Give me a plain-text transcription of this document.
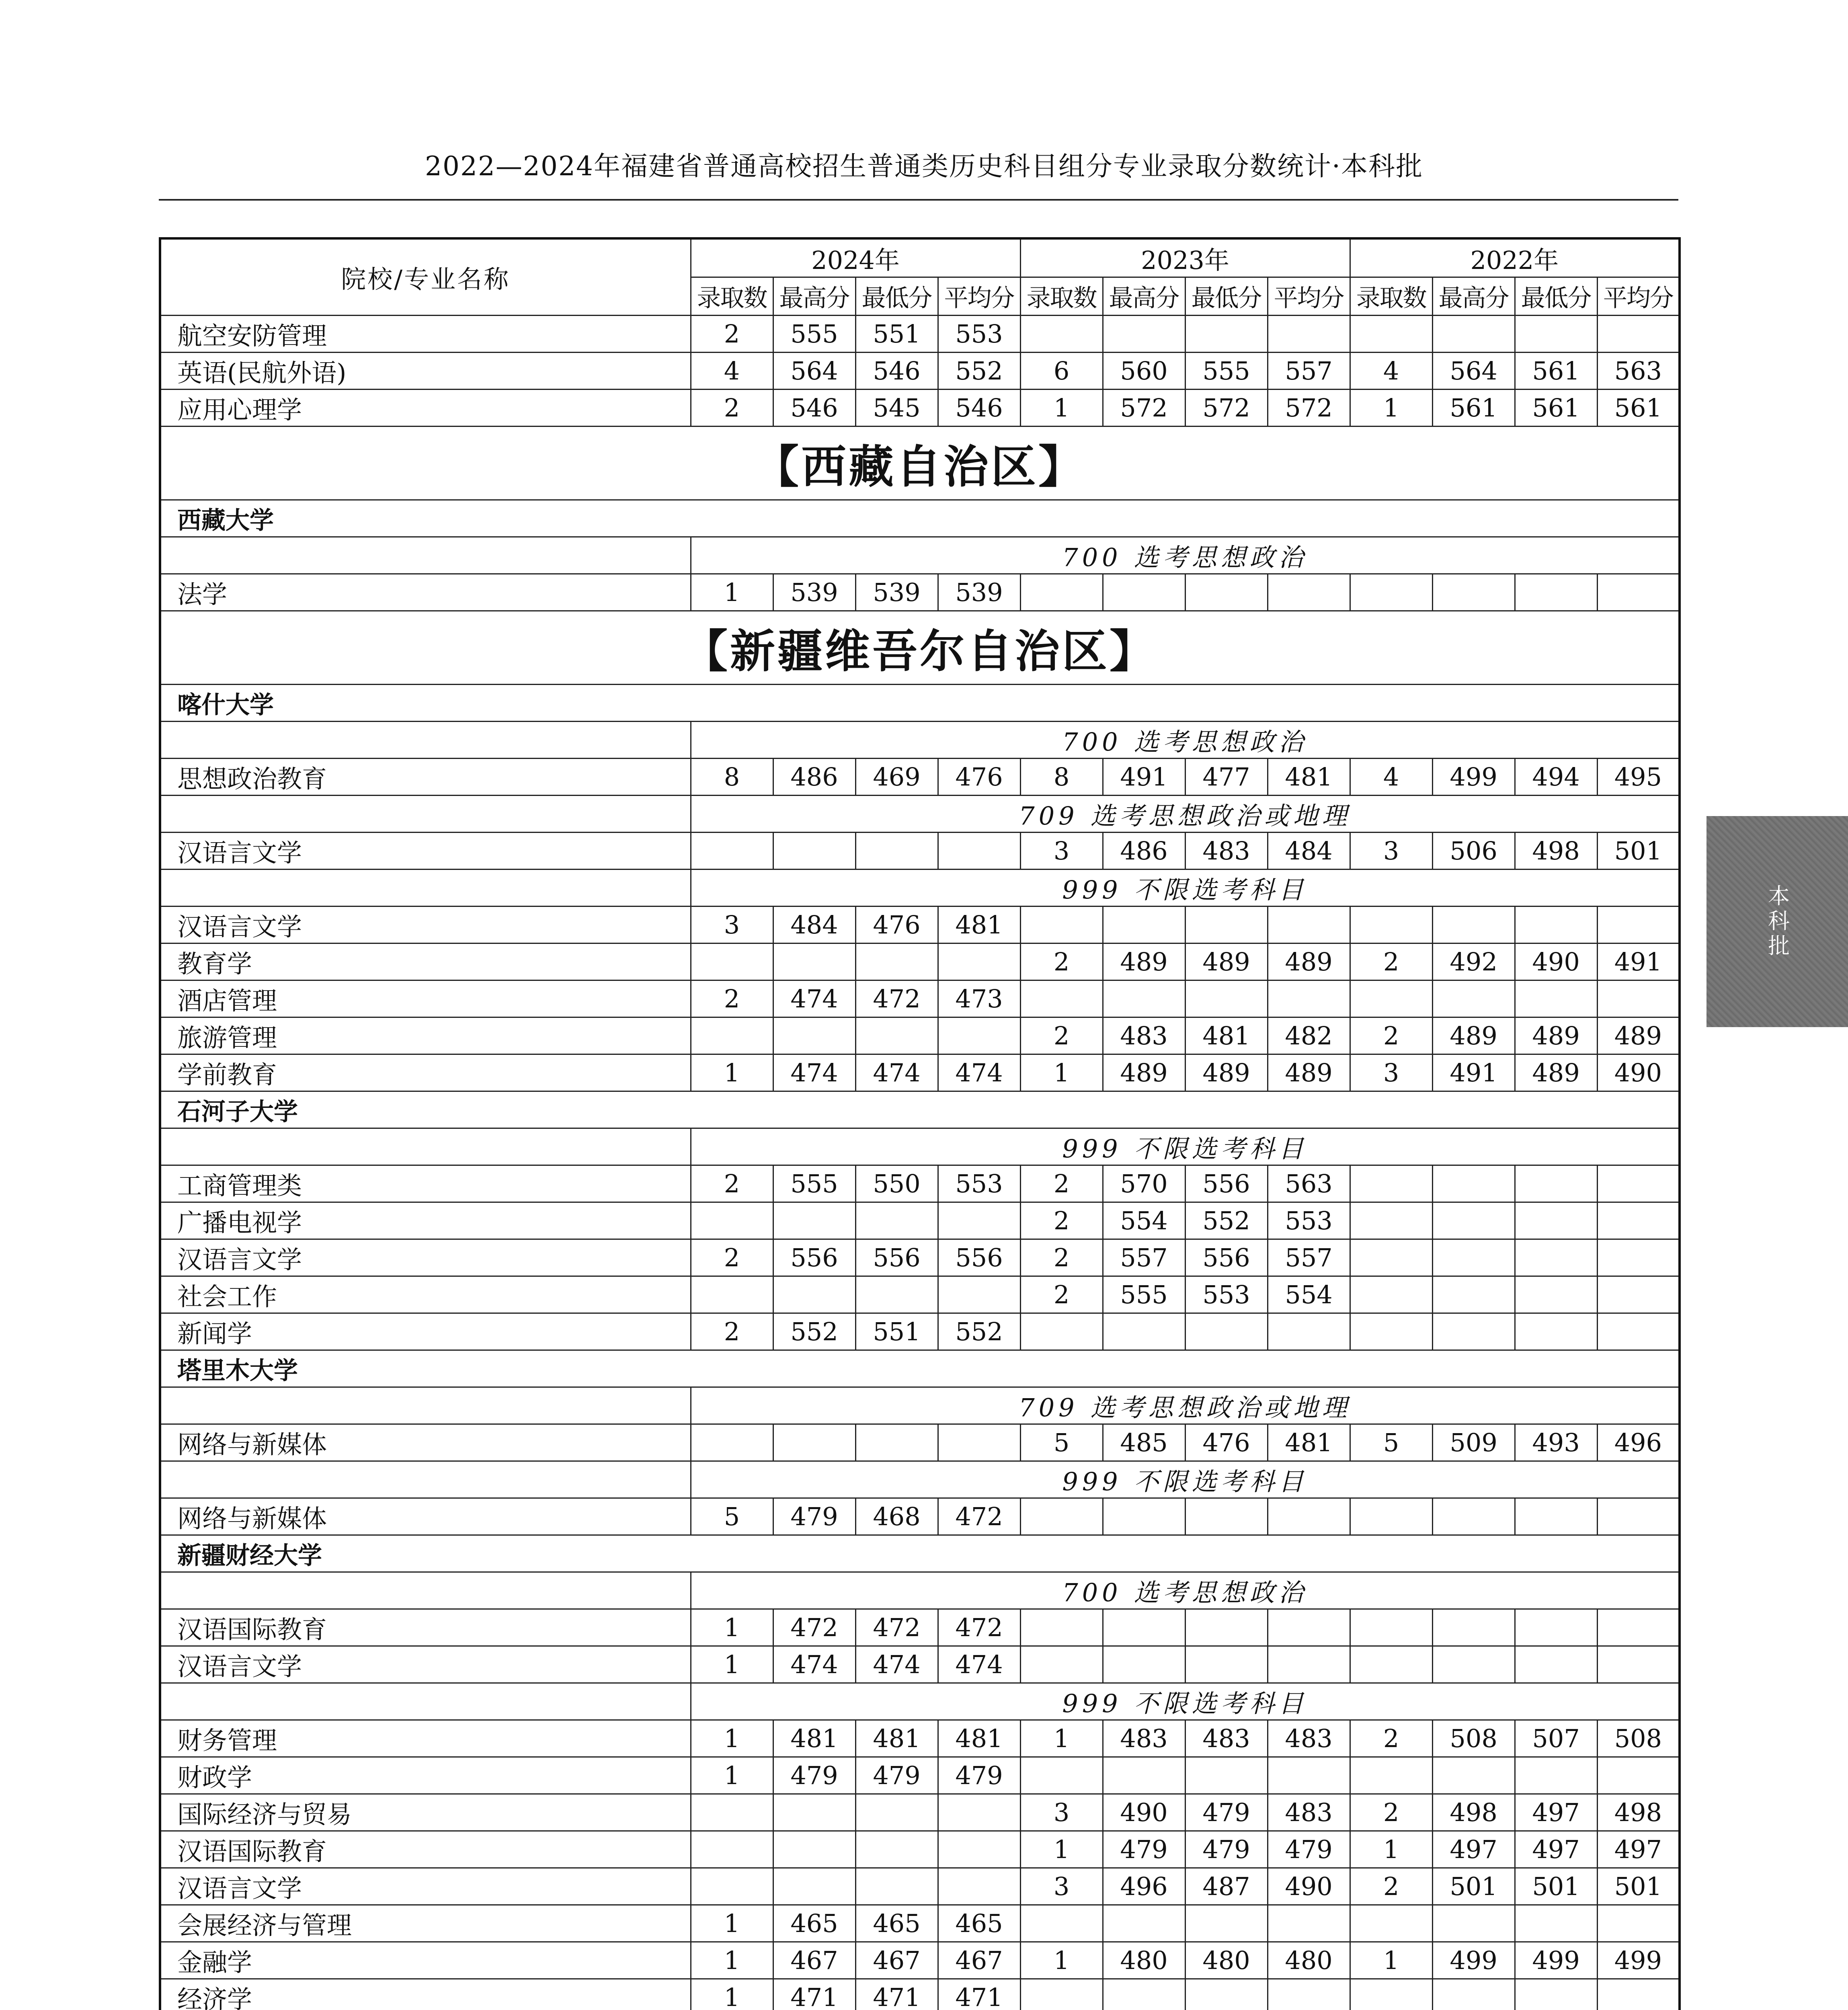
2022—2024年福建省普通高校招生普通类历史科目组分专业录取分数统计·本科批
院校/专业名称	2024年				2023年				2022年			
	录取数	最高分	最低分	平均分	录取数	最高分	最低分	平均分	录取数	最高分	最低分	平均分
航空安防管理	2	555	551	553								
英语(民航外语)	4	564	546	552	6	560	555	557	4	564	561	563
应用心理学	2	546	545	546	1	572	572	572	1	561	561	561
【西藏自治区】												
西藏大学												
	700 选考思想政治											
法学	1	539	539	539								
【新疆维吾尔自治区】												
喀什大学												
	700 选考思想政治											
思想政治教育	8	486	469	476	8	491	477	481	4	499	494	495
	709 选考思想政治或地理											
汉语言文学					3	486	483	484	3	506	498	501
	999 不限选考科目											
汉语言文学	3	484	476	481								
教育学					2	489	489	489	2	492	490	491
酒店管理	2	474	472	473								
旅游管理					2	483	481	482	2	489	489	489
学前教育	1	474	474	474	1	489	489	489	3	491	489	490
石河子大学												
	999 不限选考科目											
工商管理类	2	555	550	553	2	570	556	563				
广播电视学					2	554	552	553				
汉语言文学	2	556	556	556	2	557	556	557				
社会工作					2	555	553	554				
新闻学	2	552	551	552								
塔里木大学												
	709 选考思想政治或地理											
网络与新媒体					5	485	476	481	5	509	493	496
	999 不限选考科目											
网络与新媒体	5	479	468	472								
新疆财经大学												
	700 选考思想政治											
汉语国际教育	1	472	472	472								
汉语言文学	1	474	474	474								
	999 不限选考科目											
财务管理	1	481	481	481	1	483	483	483	2	508	507	508
财政学	1	479	479	479								
国际经济与贸易					3	490	479	483	2	498	497	498
汉语国际教育					1	479	479	479	1	497	497	497
汉语言文学					3	496	487	490	2	501	501	501
会展经济与管理	1	465	465	465								
金融学	1	467	467	467	1	480	480	480	1	499	499	499
经济学	1	471	471	471								

本科批
